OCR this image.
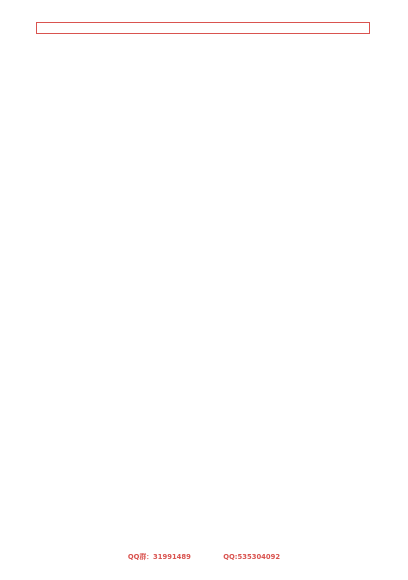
QQ群：31991489	QQ:535304092
